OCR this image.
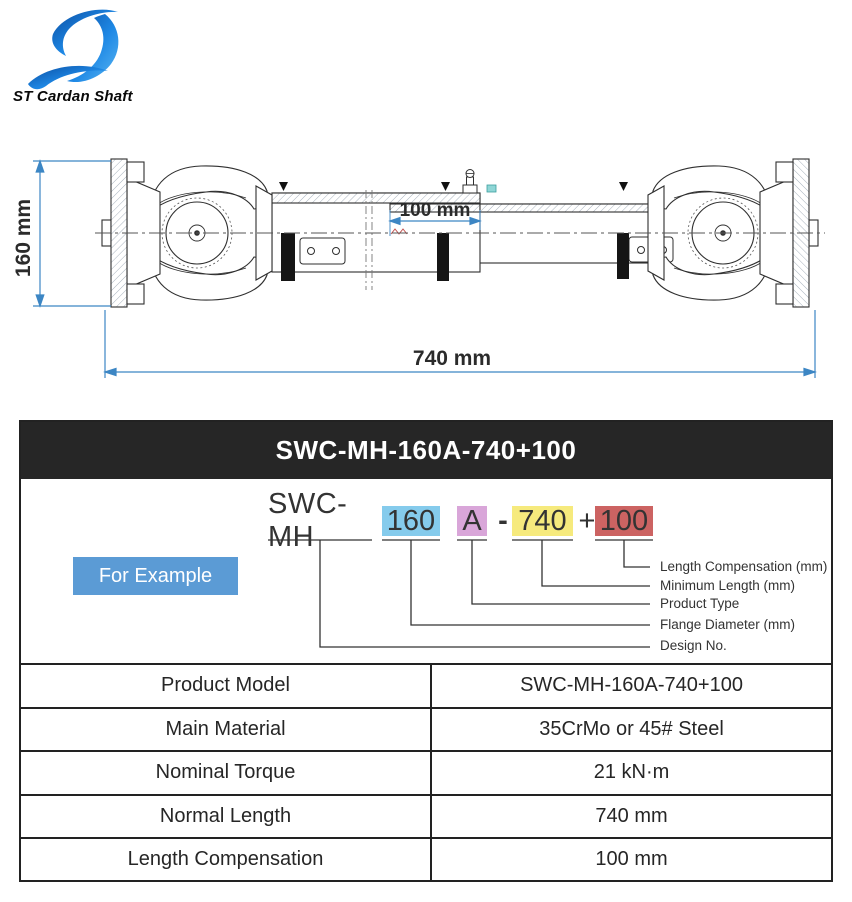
ST Cardan Shaft
160 mm
740 mm
100 mm
SWC-MH-160A-740+100
For Example
SWC-MH
160 A - 740 + 100
Length Compensation (mm)
Minimum Length (mm)
Product Type
Flange Diameter (mm)
Design No.
Product Model	SWC-MH-160A-740+100
Main Material	35CrMo or 45# Steel
Nominal Torque	21 kN·m
Normal Length	740 mm
Length Compensation	100 mm
